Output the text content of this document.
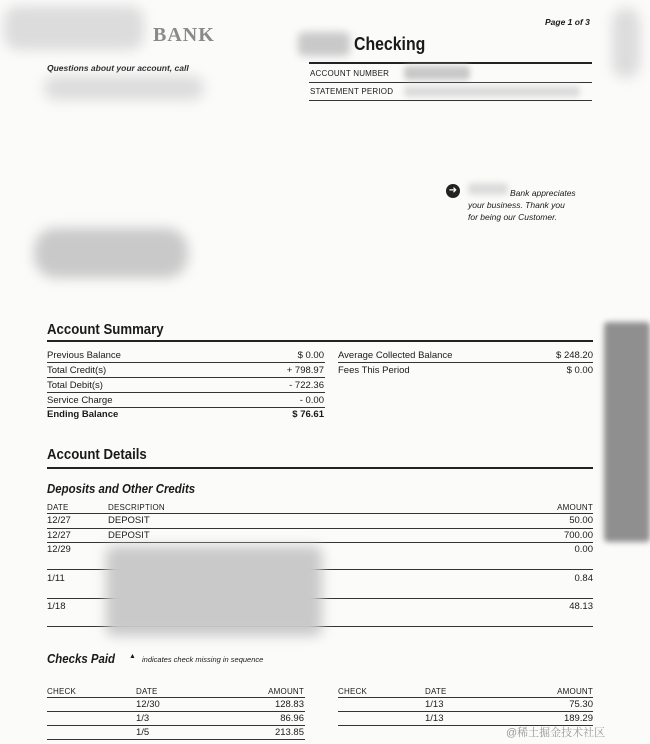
BANK
Questions about your account, call
Page 1 of 3
Checking
ACCOUNT NUMBER
STATEMENT PERIOD
➜	Bank appreciates
your business. Thank you
for being our Customer.
Account Summary
Previous Balance	$ 0.00
Total Credit(s)	+ 798.97
Total Debit(s)	- 722.36
Service Charge	- 0.00
Ending Balance	$ 76.61
Average Collected Balance	$ 248.20
Fees This Period	$ 0.00
Account Details
Deposits and Other Credits
DATE	DESCRIPTION	AMOUNT
12/27	DEPOSIT	50.00
12/27	DEPOSIT	700.00
12/29	0.00
1/11	0.84
1/18	48.13
Checks Paid ▲ indicates check missing in sequence
CHECK	DATE	AMOUNT
12/30	128.83
1/3	86.96
1/5	213.85
CHECK	DATE	AMOUNT
1/13	75.30
1/13	189.29
@稀土掘金技术社区
